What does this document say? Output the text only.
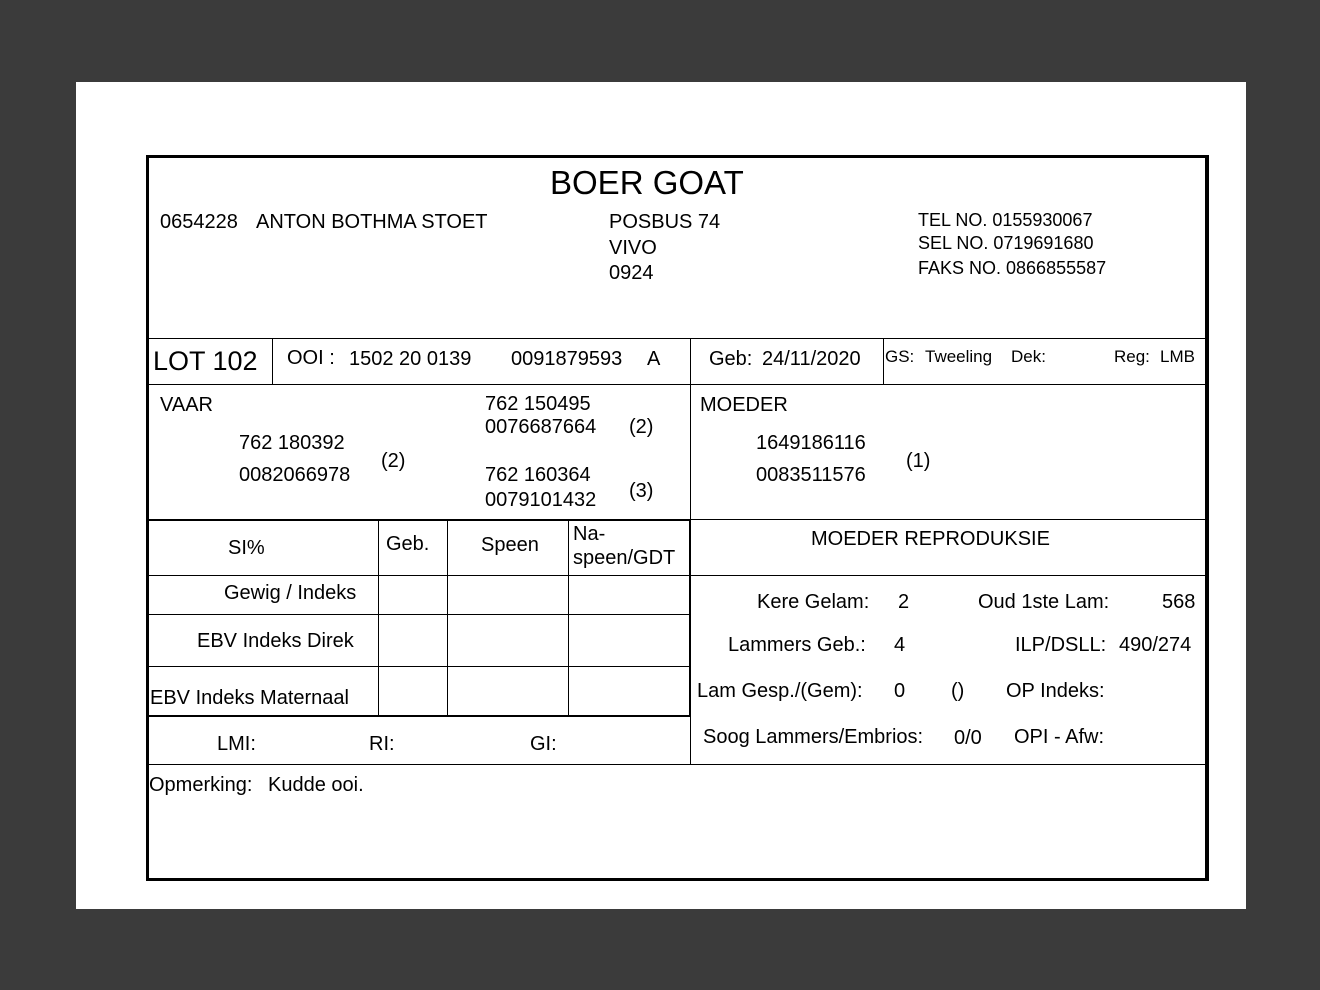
BOER GOAT
0654228 ANTON BOTHMA STOET	POSBUS 74
VIVO
0924
TEL NO. 0155930067
SEL NO. 0719691680
FAKS NO. 0866855587
LOT 102 OOI : 1502 20 0139 0091879593 A Geb: 24/11/2020 GS: Tweeling Dek:	Reg: LMB
VAAR
762 180392
0082066978
(2)
762 150495
0076687664 (2)
762 160364
0079101432 (3)
MOEDER
1649186116
0083511576
(1)
SI%	Geb.	Speen Na-
speen/GDT
Gewig / Indeks
EBV Indeks Direk
EBV Indeks Maternaal
LMI:	RI:	GI:
MOEDER REPRODUKSIE
Kere Gelam: 2	Oud 1ste Lam:	568
Lammers Geb.: 4	ILP/DSLL: 490/274
Lam Gesp./(Gem): 0 () OP Indeks:
Soog Lammers/Embrios: 0/0 OPI - Afw:
Opmerking: Kudde ooi.
